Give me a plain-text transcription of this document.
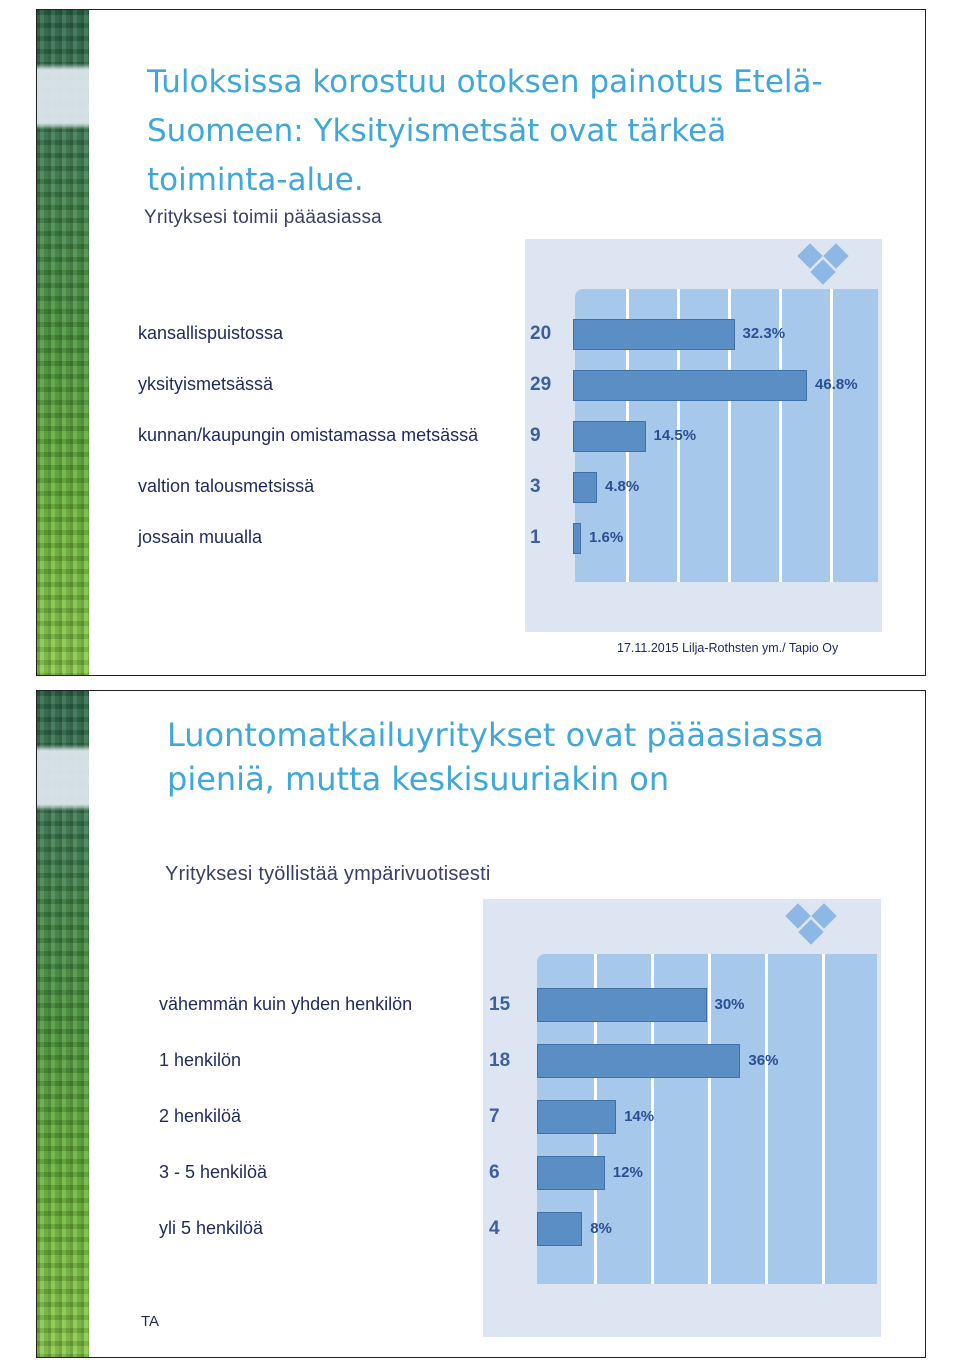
Tuloksissa korostuu otoksen painotus Etelä-Suomeen: Yksityismetsät ovat tärkeä toiminta-alue.
Yrityksesi toimii pääasiassa
17.11.2015 Lilja-Rothsten ym./ Tapio Oy
kansallispuistossa	20	32.3%
yksityismetsässä	29	46.8%
kunnan/kaupungin omistamassa metsässä	9	14.5%
valtion talousmetsissä	3	4.8%
jossain muualla	1	1.6%
Luontomatkailuyritykset ovat pääasiassa pieniä, mutta keskisuuriakin on
Yrityksesi työllistää ympärivuotisesti
TA
vähemmän kuin yhden henkilön	15	30%
1 henkilön	18	36%
2 henkilöä	7	14%
3 - 5 henkilöä	6	12%
yli 5 henkilöä	4	8%
